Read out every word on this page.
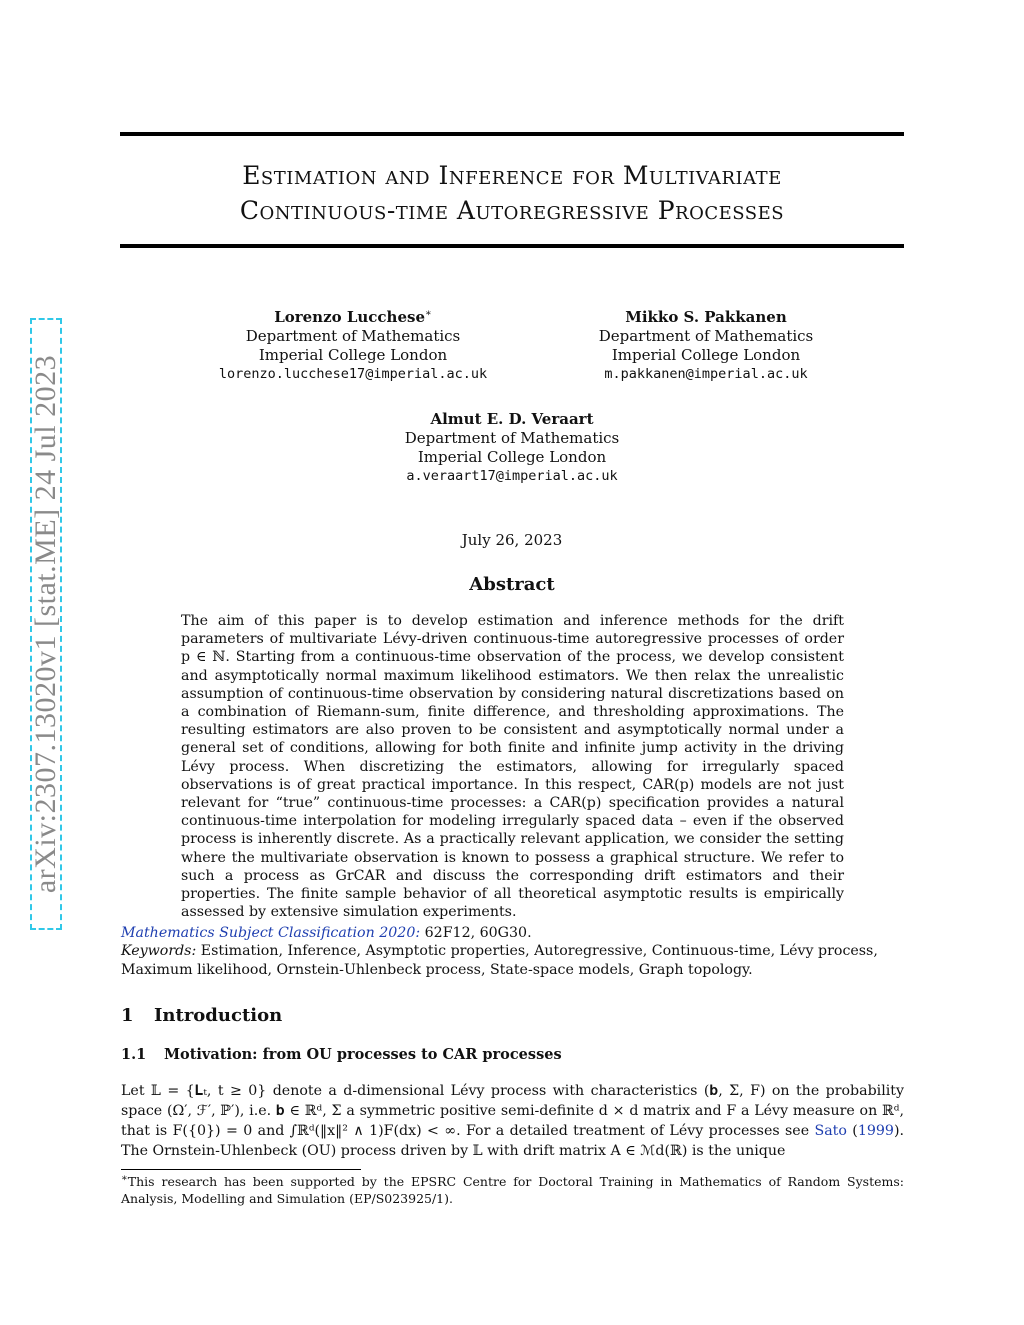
arXiv:2307.13020v1 [stat.ME] 24 Jul 2023
Estimation and Inference for Multivariate
Continuous-time Autoregressive Processes
Lorenzo Lucchese∗
Department of Mathematics
Imperial College London
lorenzo.lucchese17@imperial.ac.uk
Mikko S. Pakkanen
Department of Mathematics
Imperial College London
m.pakkanen@imperial.ac.uk
Almut E. D. Veraart
Department of Mathematics
Imperial College London
a.veraart17@imperial.ac.uk
July 26, 2023
Abstract
The aim of this paper is to develop estimation and inference methods for the drift parameters of multivariate Lévy-driven continuous-time autoregressive processes of order p ∈ ℕ. Starting from a continuous-time observation of the process, we develop consistent and asymptotically normal maximum likelihood estimators. We then relax the unrealistic assumption of continuous-time observation by considering natural discretizations based on a combination of Riemann-sum, finite difference, and thresholding approximations. The resulting estimators are also proven to be consistent and asymptotically normal under a general set of conditions, allowing for both finite and infinite jump activity in the driving Lévy process. When discretizing the estimators, allowing for irregularly spaced observations is of great practical importance. In this respect, CAR(p) models are not just relevant for “true” continuous-time processes: a CAR(p) specification provides a natural continuous-time interpolation for modeling irregularly spaced data – even if the observed process is inherently discrete. As a practically relevant application, we consider the setting where the multivariate observation is known to possess a graphical structure. We refer to such a process as GrCAR and discuss the corresponding drift estimators and their properties. The finite sample behavior of all theoretical asymptotic results is empirically assessed by extensive simulation experiments.
Mathematics Subject Classification 2020: 62F12, 60G30.
Keywords: Estimation, Inference, Asymptotic properties, Autoregressive, Continuous-time, Lévy process, Maximum likelihood, Ornstein-Uhlenbeck process, State-space models, Graph topology.
1 Introduction
1.1 Motivation: from OU processes to CAR processes
Let 𝕃 = {𝐋ₜ, t ≥ 0} denote a d-dimensional Lévy process with characteristics (𝐛, Σ, F) on the probability space (Ω′, ℱ′, ℙ′), i.e. 𝐛 ∈ ℝᵈ, Σ a symmetric positive semi-definite d × d matrix and F a Lévy measure on ℝᵈ, that is F({0}) = 0 and ∫ℝᵈ(‖x‖² ∧ 1)F(dx) < ∞. For a detailed treatment of Lévy processes see Sato (1999). The Ornstein-Uhlenbeck (OU) process driven by 𝕃 with drift matrix A ∈ ℳd(ℝ) is the unique
∗This research has been supported by the EPSRC Centre for Doctoral Training in Mathematics of Random Systems: Analysis, Modelling and Simulation (EP/S023925/1).
